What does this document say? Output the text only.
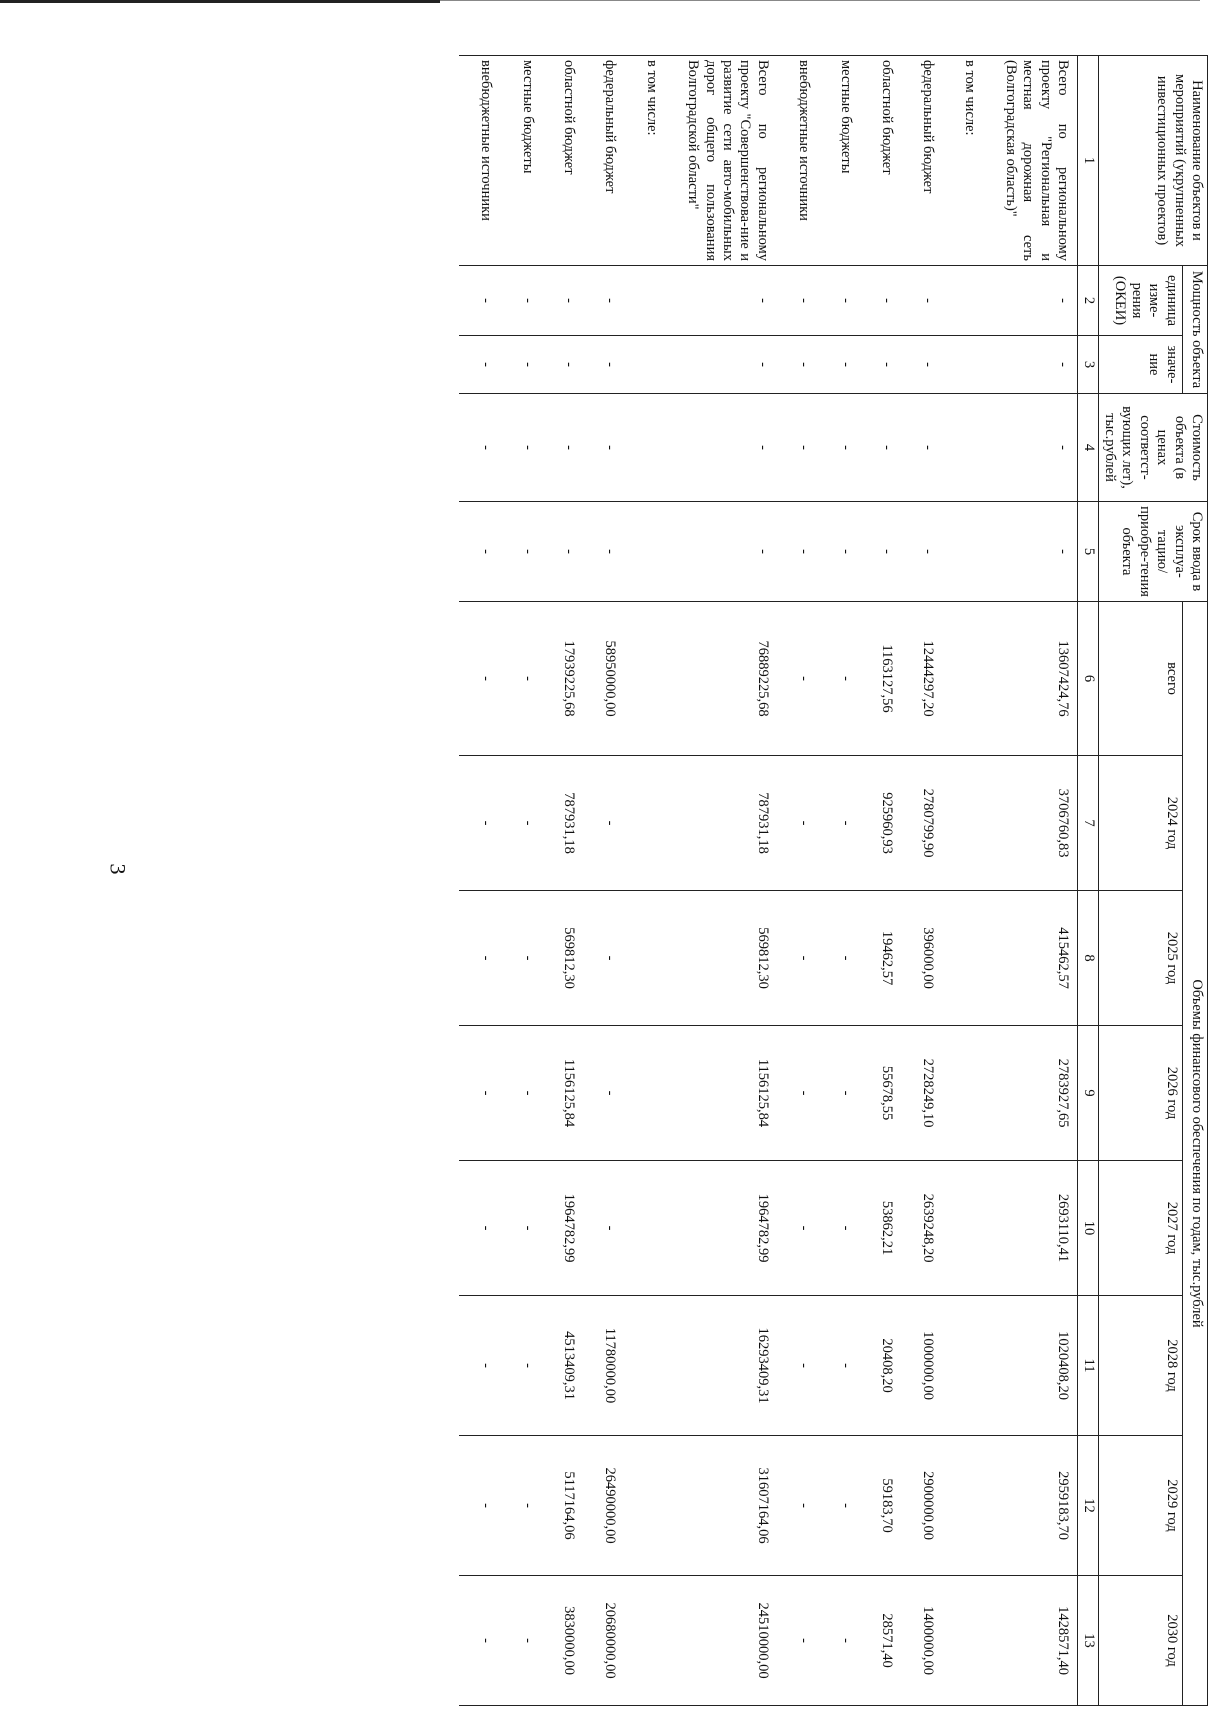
3
Наименование объектов и мероприятий (укрупненных инвестиционных проектов)	Мощность объекта		Стоимость объекта (в ценах соответст-вующих лет), тыс.рублей	Срок ввода в эксплуа-тацию/ приобре-тения объекта	Объемы финансового обеспечения по годам, тыс.рублей							
	единица изме-рения (ОКЕИ)	значе-ние			всего	2024 год	2025 год	2026 год	2027 год	2028 год	2029 год	2030 год
1	2	3	4	5	6	7	8	9	10	11	12	13
Всего по региональному проекту "Региональная и местная дорожная сеть (Волгоградская область)"	-	-	-	-	13607424,76	3706760,83	415462,57	2783927,65	2693110,41	1020408,20	2959183,70	1428571,40
в том числе:												
федеральный бюджет	-	-	-	-	12444297,20	2780799,90	396000,00	2728249,10	2639248,20	1000000,00	2900000,00	1400000,00
областной бюджет	-	-	-	-	1163127,56	925960,93	19462,57	55678,55	53862,21	20408,20	59183,70	28571,40
местные бюджеты	-	-	-	-	-	-	-	-	-	-	-	-
внебюджетные источники	-	-	-	-	-	-	-	-	-	-	-	-
Всего по региональному проекту "Совершенствова-ние и развитие сети авто-мобильных дорог общего пользования Волгоградской области"	-	-	-	-	76889225,68	787931,18	569812,30	1156125,84	1964782,99	16293409,31	31607164,06	24510000,00
в том числе:												
федеральный бюджет	-	-	-	-	58950000,00	-	-	-	-	11780000,00	26490000,00	20680000,00
областной бюджет	-	-	-	-	17939225,68	787931,18	569812,30	1156125,84	1964782,99	4513409,31	5117164,06	3830000,00
местные бюджеты	-	-	-	-	-	-	-	-	-	-	-	-
внебюджетные источники	-	-	-	-	-	-	-	-	-	-	-	-
